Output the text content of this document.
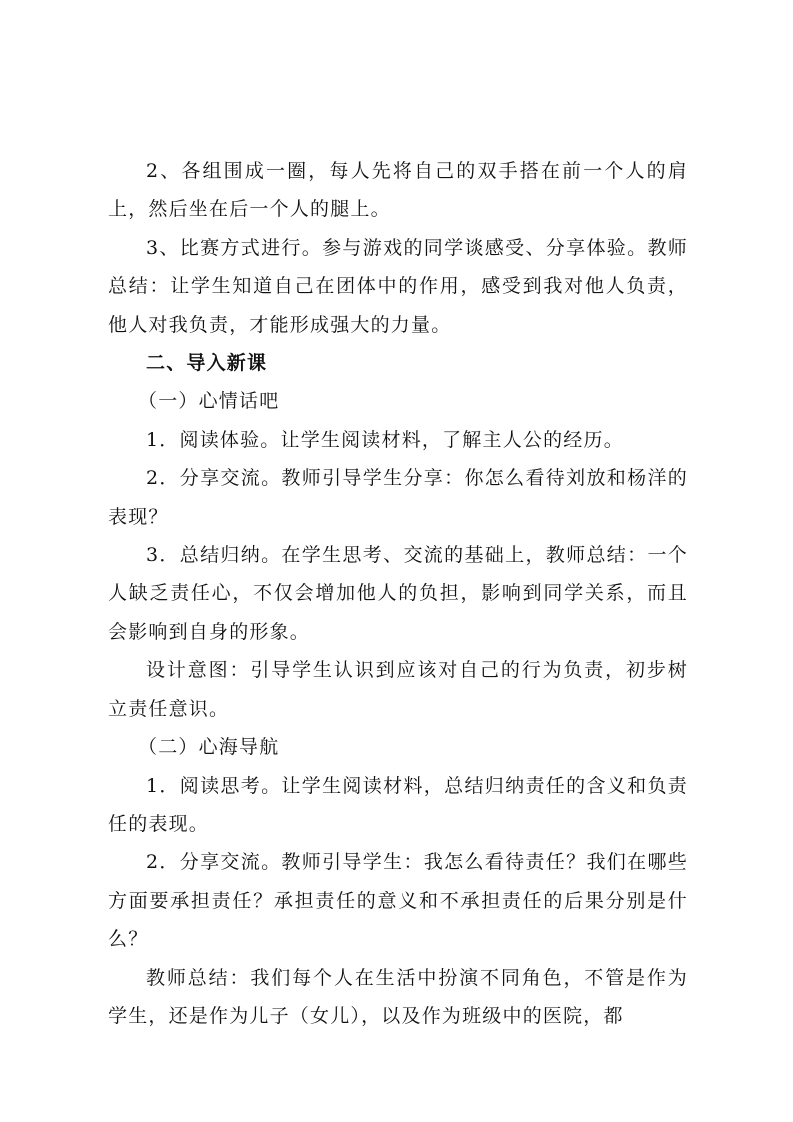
2、各组围成一圈，每人先将自己的双手搭在前一个人的肩上，然后坐在后一个人的腿上。

3、比赛方式进行。参与游戏的同学谈感受、分享体验。教师总结：让学生知道自己在团体中的作用，感受到我对他人负责，他人对我负责，才能形成强大的力量。

二、导入新课

（一）心情话吧

1．阅读体验。让学生阅读材料，了解主人公的经历。

2．分享交流。教师引导学生分享：你怎么看待刘放和杨洋的表现？

3．总结归纳。在学生思考、交流的基础上，教师总结：一个人缺乏责任心，不仅会增加他人的负担，影响到同学关系，而且会影响到自身的形象。

设计意图：引导学生认识到应该对自己的行为负责，初步树立责任意识。

（二）心海导航

1．阅读思考。让学生阅读材料，总结归纳责任的含义和负责任的表现。

2．分享交流。教师引导学生：我怎么看待责任？我们在哪些方面要承担责任？承担责任的意义和不承担责任的后果分别是什么？

教师总结：我们每个人在生活中扮演不同角色，不管是作为学生，还是作为儿子（女儿），以及作为班级中的医院，都
